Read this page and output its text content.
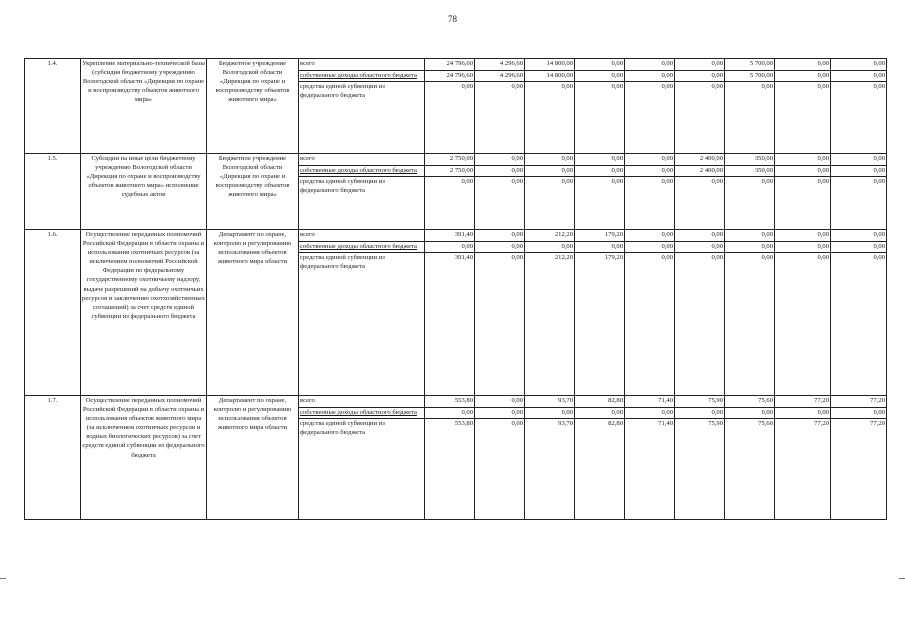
78
1.4.	Укрепление материально-технической базы (субсидия бюджетному учреждению Вологодской области «Дирекция по охране и воспроизводству объектов животного мира»	Бюджетное учреждение Вологодской области «Дирекция по охране и воспроизводству объектов животного мира»	всего	24 796,60	4 296,60	14 800,00	0,00	0,00	0,00	5 700,00	0,00	0,00
			собственные доходы областного бюджета	24 796,60	4 296,60	14 800,00	0,00	0,00	0,00	5 700,00	0,00	0,00
			средства единой субвенции из федерального бюджета	0,00	0,00	0,00	0,00	0,00	0,00	0,00	0,00	0,00
1.5.	Субсидии на иные цели бюджетному учреждению Вологодской области «Дирекция по охране и воспроизводству объектов животного мира» исполнение судебных актов	Бюджетное учреждение Вологодской области «Дирекция по охране и воспроизводству объектов животного мира»	всего	2 750,00	0,00	0,00	0,00	0,00	2 400,00	350,00	0,00	0,00
			собственные доходы областного бюджета	2 750,00	0,00	0,00	0,00	0,00	2 400,00	350,00	0,00	0,00
			средства единой субвенции из федерального бюджета	0,00	0,00	0,00	0,00	0,00	0,00	0,00	0,00	0,00
1.6.	Осуществление переданных полномочий Российской Федерации в области охраны и использования охотничьих ресурсов (за исключением полномочий Российской Федерации по федеральному государственному охотничьему надзору, выдаче разрешений на добычу охотничьих ресурсов и заключению охотхозяйственных соглашений) за счет средств единой субвенции из федерального бюджета	Департамент по охране, контролю и регулированию использования объектов животного мира области	всего	391,40	0,00	212,20	179,20	0,00	0,00	0,00	0,00	0,00
			собственные доходы областного бюджета	0,00	0,00	0,00	0,00	0,00	0,00	0,00	0,00	0,00
			средства единой субвенции из федерального бюджета	391,40	0,00	212,20	179,20	0,00	0,00	0,00	0,00	0,00
1.7.	Осуществление переданных полномочий Российской Федерации в области охраны и использования объектов животного мира (за исключением охотничьих ресурсов и водных биологических ресурсов) за счет средств единой субвенции из федерального бюджета	Департамент по охране, контролю и регулированию использования объектов животного мира области	всего	553,80	0,00	93,70	82,80	71,40	75,90	75,60	77,20	77,20
			собственные доходы областного бюджета	0,00	0,00	0,00	0,00	0,00	0,00	0,00	0,00	0,00
			средства единой субвенции из федерального бюджета	553,80	0,00	93,70	82,80	71,40	75,90	75,60	77,20	77,20
